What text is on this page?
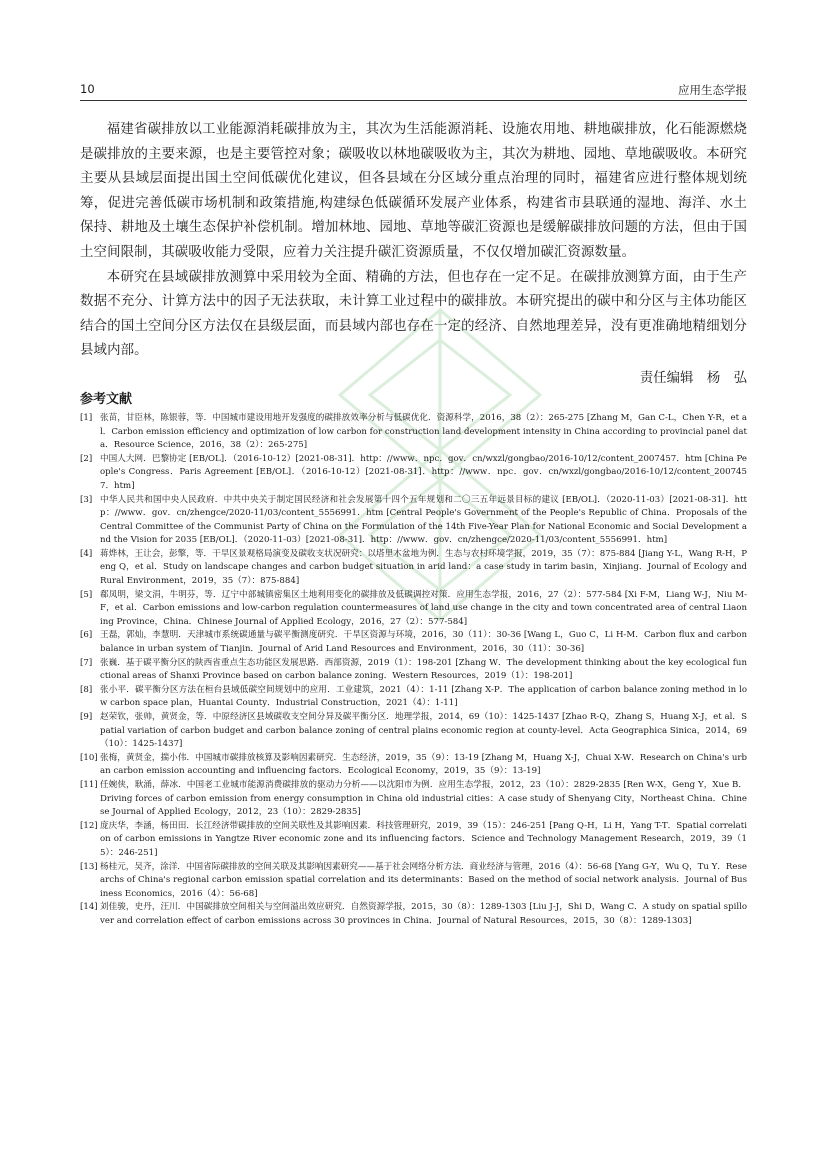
10	应用生态学报

福建省碳排放以工业能源消耗碳排放为主，其次为生活能源消耗、设施农用地、耕地碳排放，化石能源燃烧是碳排放的主要来源，也是主要管控对象；碳吸收以林地碳吸收为主，其次为耕地、园地、草地碳吸收。本研究主要从县域层面提出国土空间低碳优化建议，但各县域在分区域分重点治理的同时，福建省应进行整体规划统筹，促进完善低碳市场机制和政策措施,构建绿色低碳循环发展产业体系，构建省市县联通的湿地、海洋、水土保持、耕地及土壤生态保护补偿机制。增加林地、园地、草地等碳汇资源也是缓解碳排放问题的方法，但由于国土空间限制，其碳吸收能力受限，应着力关注提升碳汇资源质量，不仅仅增加碳汇资源数量。

本研究在县域碳排放测算中采用较为全面、精确的方法，但也存在一定不足。在碳排放测算方面，由于生产数据不充分、计算方法中的因子无法获取，未计算工业过程中的碳排放。本研究提出的碳中和分区与主体功能区结合的国土空间分区方法仅在县级层面，而县域内部也存在一定的经济、自然地理差异，没有更准确地精细划分县域内部。

责任编辑　杨　弘
参考文献
[1] 张苗，甘臣林，陈银蓉，等．中国城市建设用地开发强度的碳排放效率分析与低碳优化．资源科学，2016，38（2）：265-275 [Zhang M，Gan C-L，Chen Y-R，et al．Carbon emission efficiency and optimization of low carbon for construction land development intensity in China according to provincial panel data．Resource Science，2016，38（2）：265-275]
[2] 中国人大网．巴黎协定 [EB/OL]．（2016-10-12）[2021-08-31]．http：//www．npc．gov．cn/wxzl/gongbao/2016-10/12/content_2007457．htm [China People's Congress．Paris Agreement [EB/OL]．（2016-10-12）[2021-08-31]．http：//www．npc．gov．cn/wxzl/gongbao/2016-10/12/content_2007457．htm]
[3] 中华人民共和国中央人民政府．中共中央关于制定国民经济和社会发展第十四个五年规划和二〇三五年远景目标的建议 [EB/OL]．（2020-11-03）[2021-08-31]．http：//www．gov．cn/zhengce/2020-11/03/content_5556991．htm [Central People's Government of the People's Republic of China．Proposals of the Central Committee of the Communist Party of China on the Formulation of the 14th Five-Year Plan for National Economic and Social Development and the Vision for 2035 [EB/OL]．（2020-11-03）[2021-08-31]．http：//www．gov．cn/zhengce/2020-11/03/content_5556991．htm]
[4] 蒋烨林，王让会，彭擎，等．干旱区景观格局演变及碳收支状况研究：以塔里木盆地为例．生态与农村环境学报，2019，35（7）：875-884 [Jiang Y-L，Wang R-H，Peng Q，et al．Study on landscape changes and carbon budget situation in arid land：a case study in tarim basin，Xinjiang．Journal of Ecology and Rural Environment，2019，35（7）：875-884]
[5] 郗凤明，梁文涓，牛明芬，等．辽宁中部城镇密集区土地利用变化的碳排放及低碳调控对策．应用生态学报，2016，27（2）：577-584 [Xi F-M，Liang W-J，Niu M-F，et al．Carbon emissions and low-carbon regulation countermeasures of land use change in the city and town concentrated area of central Liaoning Province，China．Chinese Journal of Applied Ecology，2016，27（2）：577-584]
[6] 王磊，郭灿，李慧明．天津城市系统碳通量与碳平衡测度研究．干旱区资源与环境，2016，30（11）：30-36 [Wang L，Guo C，Li H-M．Carbon flux and carbon balance in urban system of Tianjin．Journal of Arid Land Resources and Environment，2016，30（11）：30-36]
[7] 张巍．基于碳平衡分区的陕西省重点生态功能区发展思路．西部资源，2019（1）：198-201 [Zhang W．The development thinking about the key ecological functional areas of Shanxi Province based on carbon balance zoning．Western Resources，2019（1）：198-201]
[8] 张小平．碳平衡分区方法在桓台县域低碳空间规划中的应用．工业建筑，2021（4）：1-11 [Zhang X-P．The application of carbon balance zoning method in low carbon space plan，Huantai County．Industrial Construction，2021（4）：1-11]
[9] 赵荣钦，张帅，黄贤金，等．中原经济区县域碳收支空间分异及碳平衡分区．地理学报，2014，69（10）：1425-1437 [Zhao R-Q，Zhang S，Huang X-J，et al．Spatial variation of carbon budget and carbon balance zoning of central plains economic region at county-level．Acta Geographica Sinica，2014，69（10）：1425-1437]
[10] 张梅，黄贤金，揣小伟．中国城市碳排放核算及影响因素研究．生态经济，2019，35（9）：13-19 [Zhang M，Huang X-J，Chuai X-W．Research on China's urban carbon emission accounting and influencing factors．Ecological Economy，2019，35（9）：13-19]
[11] 任婉侠，耿涌，薛冰．中国老工业城市能源消费碳排放的驱动力分析——以沈阳市为例．应用生态学报，2012，23（10）：2829-2835 [Ren W-X，Geng Y，Xue B．Driving forces of carbon emission from energy consumption in China old industrial cities：A case study of Shenyang City，Northeast China．Chinese Journal of Applied Ecology，2012，23（10）：2829-2835]
[12] 庞庆华，李涵，杨田田．长江经济带碳排放的空间关联性及其影响因素．科技管理研究，2019，39（15）：246-251 [Pang Q-H，Li H，Yang T-T．Spatial correlation of carbon emissions in Yangtze River economic zone and its influencing factors．Science and Technology Management Research，2019，39（15）：246-251]
[13] 杨桂元，吴齐，涂洋．中国省际碳排放的空间关联及其影响因素研究——基于社会网络分析方法．商业经济与管理，2016（4）：56-68 [Yang G-Y，Wu Q，Tu Y．Researchs of China's regional carbon emission spatial correlation and its determinants：Based on the method of social network analysis．Journal of Business Economics，2016（4）：56-68]
[14] 刘佳骏，史丹，汪川．中国碳排放空间相关与空间溢出效应研究．自然资源学报，2015，30（8）：1289-1303 [Liu J-J，Shi D，Wang C．A study on spatial spillover and correlation effect of carbon emissions across 30 provinces in China．Journal of Natural Resources，2015，30（8）：1289-1303]
